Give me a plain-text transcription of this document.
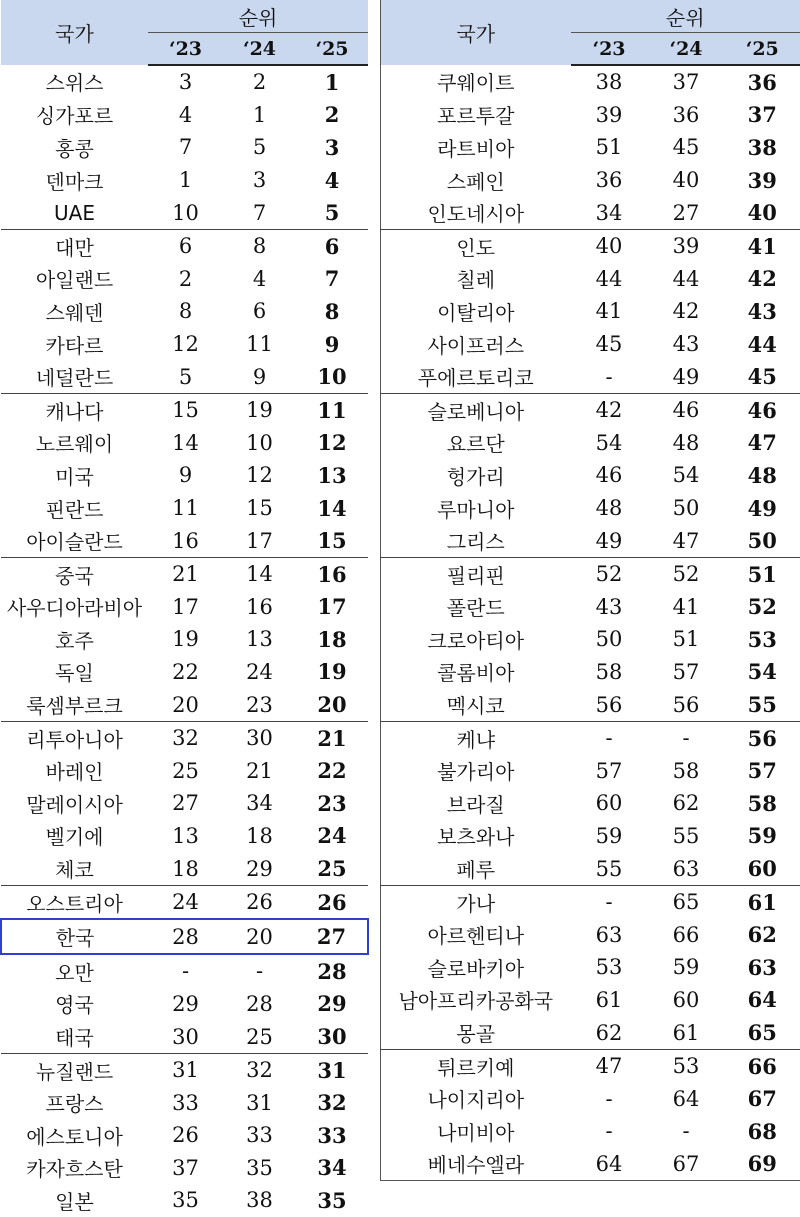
국가	순위		
	‘23	‘24	‘25
스위스	3	2	1
싱가포르	4	1	2
홍콩	7	5	3
덴마크	1	3	4
UAE	10	7	5
대만	6	8	6
아일랜드	2	4	7
스웨덴	8	6	8
카타르	12	11	9
네덜란드	5	9	10
캐나다	15	19	11
노르웨이	14	10	12
미국	9	12	13
핀란드	11	15	14
아이슬란드	16	17	15
중국	21	14	16
사우디아라비아	17	16	17
호주	19	13	18
독일	22	24	19
룩셈부르크	20	23	20
리투아니아	32	30	21
바레인	25	21	22
말레이시아	27	34	23
벨기에	13	18	24
체코	18	29	25
오스트리아	24	26	26
한국	28	20	27
오만	-	-	28
영국	29	28	29
태국	30	25	30
뉴질랜드	31	32	31
프랑스	33	31	32
에스토니아	26	33	33
카자흐스탄	37	35	34
일본	35	38	35
국가	순위		
	‘23	‘24	‘25
쿠웨이트	38	37	36
포르투갈	39	36	37
라트비아	51	45	38
스페인	36	40	39
인도네시아	34	27	40
인도	40	39	41
칠레	44	44	42
이탈리아	41	42	43
사이프러스	45	43	44
푸에르토리코	-	49	45
슬로베니아	42	46	46
요르단	54	48	47
헝가리	46	54	48
루마니아	48	50	49
그리스	49	47	50
필리핀	52	52	51
폴란드	43	41	52
크로아티아	50	51	53
콜롬비아	58	57	54
멕시코	56	56	55
케냐	-	-	56
불가리아	57	58	57
브라질	60	62	58
보츠와나	59	55	59
페루	55	63	60
가나	-	65	61
아르헨티나	63	66	62
슬로바키아	53	59	63
남아프리카공화국	61	60	64
몽골	62	61	65
튀르키예	47	53	66
나이지리아	-	64	67
나미비아	-	-	68
베네수엘라	64	67	69
